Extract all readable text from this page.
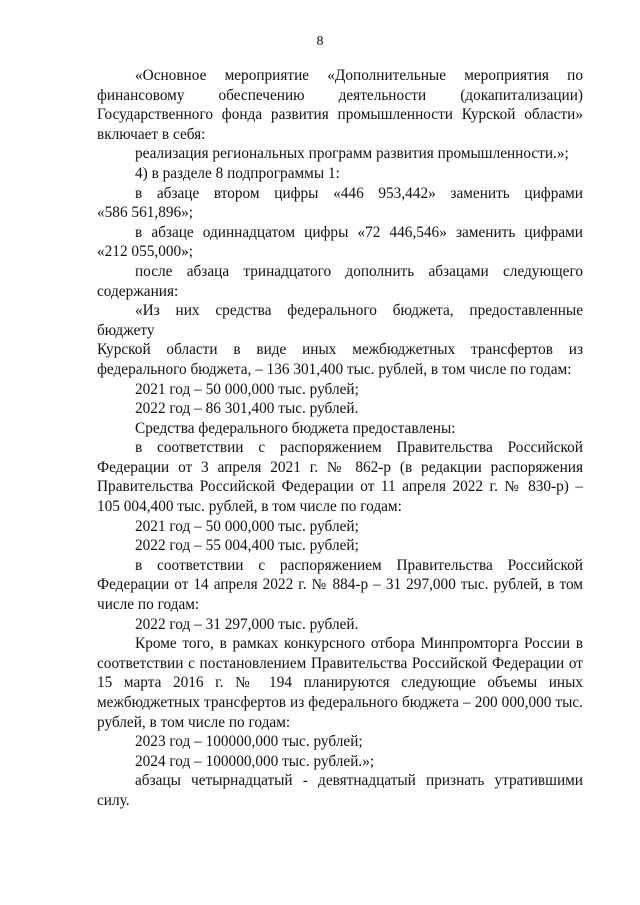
8

«Основное мероприятие «Дополнительные мероприятия по

финансовому обеспечению деятельности (докапитализации)

Государственного фонда развития промышленности Курской области»

включает в себя:

реализация региональных программ развития промышленности.»;

4) в разделе 8 подпрограммы 1:

в абзаце втором цифры «446 953,442» заменить цифрами

«586 561,896»;

в абзаце одиннадцатом цифры «72 446,546» заменить цифрами

«212 055,000»;

после абзаца тринадцатого дополнить абзацами следующего

содержания:

«Из них средства федерального бюджета, предоставленные бюджету

Курской области в виде иных межбюджетных трансфертов из

федерального бюджета, – 136 301,400 тыс. рублей, в том числе по годам:

2021 год – 50 000,000 тыс. рублей;

2022 год – 86 301,400 тыс. рублей.

Средства федерального бюджета предоставлены:

в соответствии с распоряжением Правительства Российской

Федерации от 3 апреля 2021 г. № 862-р (в редакции распоряжения

Правительства Российской Федерации от 11 апреля 2022 г. № 830-р) –

105 004,400 тыс. рублей, в том числе по годам:

2021 год – 50 000,000 тыс. рублей;

2022 год – 55 004,400 тыс. рублей;

в соответствии с распоряжением Правительства Российской

Федерации от 14 апреля 2022 г. № 884-р – 31 297,000 тыс. рублей, в том

числе по годам:

2022 год – 31 297,000 тыс. рублей.

Кроме того, в рамках конкурсного отбора Минпромторга России в

соответствии с постановлением Правительства Российской Федерации от

15 марта 2016 г. № 194 планируются следующие объемы иных

межбюджетных трансфертов из федерального бюджета – 200 000,000 тыс.

рублей, в том числе по годам:

2023 год – 100000,000 тыс. рублей;

2024 год – 100000,000 тыс. рублей.»;

абзацы четырнадцатый - девятнадцатый признать утратившими силу.
